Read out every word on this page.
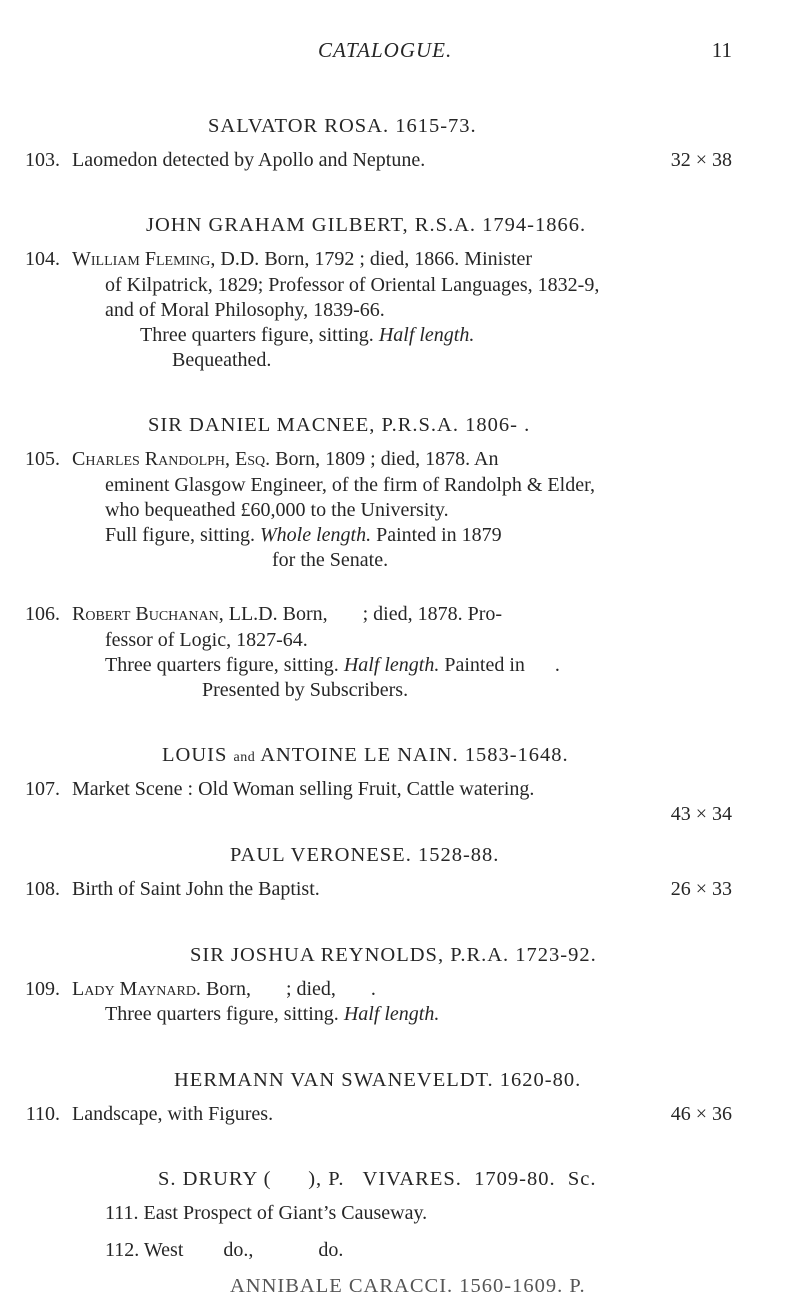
CATALOGUE.	11
SALVATOR ROSA. 1615-73.
103. Laomedon detected by Apollo and Neptune.	32 × 38
JOHN GRAHAM GILBERT, R.S.A. 1794-1866.
104. William Fleming, D.D. Born, 1792 ; died, 1866. Minister
of Kilpatrick, 1829; Professor of Oriental Languages, 1832-9,
and of Moral Philosophy, 1839-66.
Three quarters figure, sitting. Half length.
Bequeathed.
SIR DANIEL MACNEE, P.R.S.A. 1806- .
105. Charles Randolph, Esq. Born, 1809 ; died, 1878. An
eminent Glasgow Engineer, of the firm of Randolph & Elder,
who bequeathed £60,000 to the University.
Full figure, sitting. Whole length. Painted in 1879
for the Senate.
106. Robert Buchanan, LL.D. Born,       ; died, 1878. Pro-
fessor of Logic, 1827-64.
Three quarters figure, sitting. Half length. Painted in      .
Presented by Subscribers.
LOUIS and ANTOINE LE NAIN. 1583-1648.
107. Market Scene : Old Woman selling Fruit, Cattle watering.
43 × 34
PAUL VERONESE. 1528-88.
108. Birth of Saint John the Baptist.	26 × 33
SIR JOSHUA REYNOLDS, P.R.A. 1723-92.
109. Lady Maynard. Born,       ; died,       .
Three quarters figure, sitting. Half length.
HERMANN VAN SWANEVELDT. 1620-80.
110. Landscape, with Figures.	46 × 36
S. DRURY (      ), P.   VIVARES.  1709-80.  Sc.
111. East Prospect of Giant’s Causeway.
112. West        do.,             do.
ANNIBALE CARACCI. 1560-1609. P.
